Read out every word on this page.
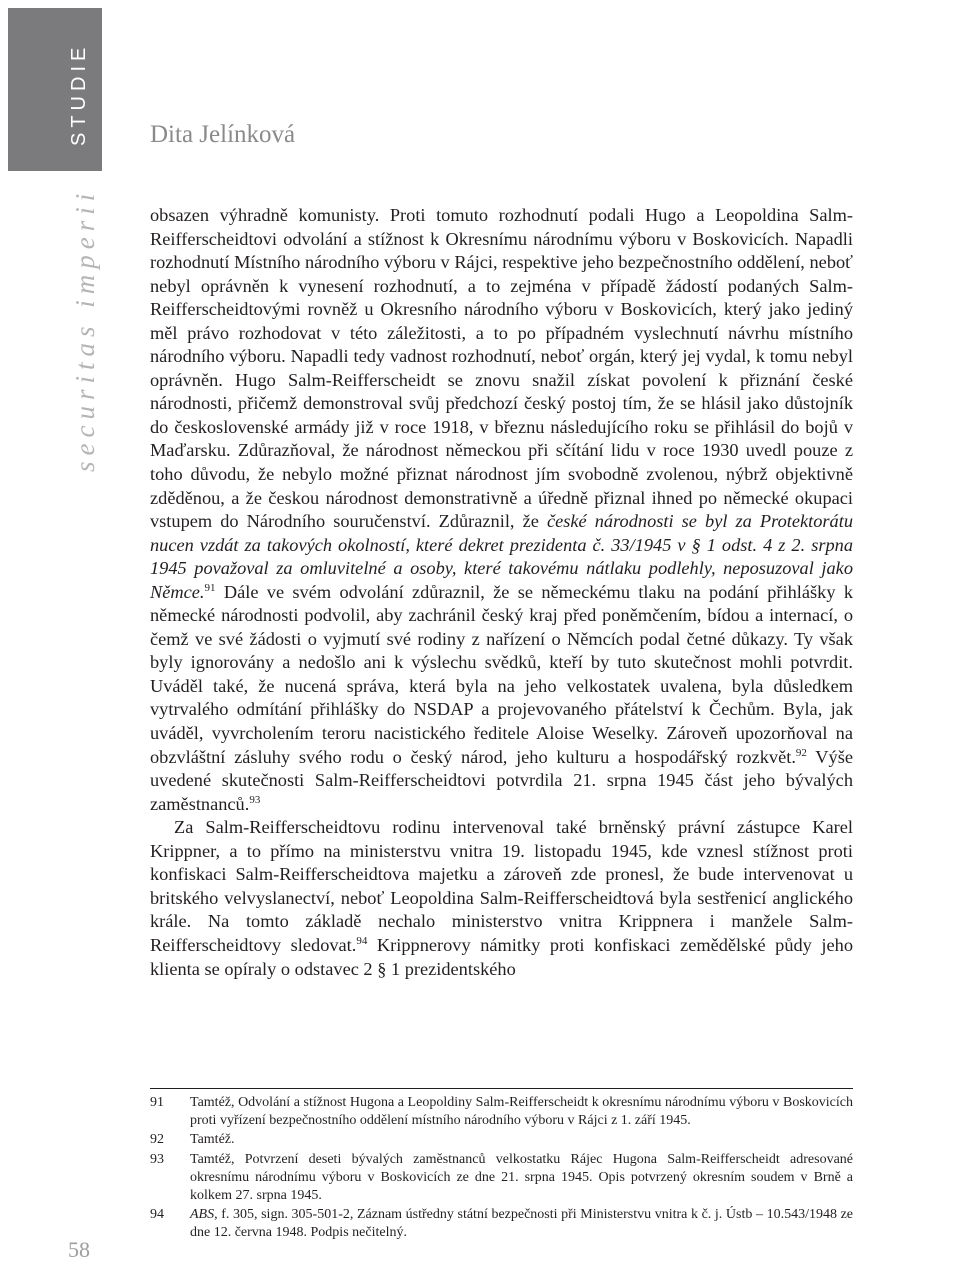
STUDIE
securitas imperii
Dita Jelínková

obsazen výhradně komunisty. Proti tomuto rozhodnutí podali Hugo a Leopoldina Salm-Reifferscheidtovi odvolání a stížnost k Okresnímu národnímu výboru v Boskovicích. Napadli rozhodnutí Místního národního výboru v Rájci, respektive jeho bezpečnostního oddělení, neboť nebyl oprávněn k vynesení rozhodnutí, a to zejména v případě žádostí podaných Salm-Reifferscheidtovými rovněž u Okresního národního výboru v Boskovicích, který jako jediný měl právo rozhodovat v této záležitosti, a to po případném vyslechnutí návrhu místního národního výboru. Napadli tedy vadnost rozhodnutí, neboť orgán, který jej vydal, k tomu nebyl oprávněn. Hugo Salm-Reifferscheidt se znovu snažil získat povolení k přiznání české národnosti, přičemž demonstroval svůj předchozí český postoj tím, že se hlásil jako důstojník do československé armády již v roce 1918, v březnu následujícího roku se přihlásil do bojů v Maďarsku. Zdůrazňoval, že národnost německou při sčítání lidu v roce 1930 uvedl pouze z toho důvodu, že nebylo možné přiznat národnost jím svobodně zvolenou, nýbrž objektivně zděděnou, a že českou národnost demonstrativně a úředně přiznal ihned po německé okupaci vstupem do Národního souručenství. Zdůraznil, že české národnosti se byl za Protektorátu nucen vzdát za takových okolností, které dekret prezidenta č. 33/1945 v § 1 odst. 4 z 2. srpna 1945 považoval za omluvitelné a osoby, které takovému nátlaku podlehly, neposuzoval jako Němce.$^{91}$ Dále ve svém odvolání zdůraznil, že se německému tlaku na podání přihlášky k německé národnosti podvolil, aby zachránil český kraj před poněmčením, bídou a internací, o čemž ve své žádosti o vyjmutí své rodiny z nařízení o Němcích podal četné důkazy. Ty však byly ignorovány a nedošlo ani k výslechu svědků, kteří by tuto skutečnost mohli potvrdit. Uváděl také, že nucená správa, která byla na jeho velkostatek uvalena, byla důsledkem vytrvalého odmítání přihlášky do NSDAP a projevovaného přátelství k Čechům. Byla, jak uváděl, vyvrcholením teroru nacistického ředitele Aloise Weselky. Zároveň upozorňoval na obzvláštní zásluhy svého rodu o český národ, jeho kulturu a hospodářský rozkvět.$^{92}$ Výše uvedené skutečnosti Salm-Reifferscheidtovi potvrdila 21. srpna 1945 část jeho bývalých zaměstnanců.$^{93}$

Za Salm-Reifferscheidtovu rodinu intervenoval také brněnský právní zástupce Karel Krippner, a to přímo na ministerstvu vnitra 19. listopadu 1945, kde vznesl stížnost proti konfiskaci Salm-Reifferscheidtova majetku a zároveň zde pronesl, že bude intervenovat u britského velvyslanectví, neboť Leopoldina Salm-Reifferscheidtová byla sestřenicí anglického krále. Na tomto základě nechalo ministerstvo vnitra Krippnera i manžele Salm-Reifferscheidtovy sledovat.$^{94}$ Krippnerovy námitky proti konfiskaci zemědělské půdy jeho klienta se opíraly o odstavec 2 § 1 prezidentského

91	Tamtéž, Odvolání a stížnost Hugona a Leopoldiny Salm-Reifferscheidt k okresnímu národnímu výboru v Boskovicích proti vyřízení bezpečnostního oddělení místního národního výboru v Rájci z 1. září 1945.
92	Tamtéž.
93	Tamtéž, Potvrzení deseti bývalých zaměstnanců velkostatku Rájec Hugona Salm-Reifferscheidt adresované okresnímu národnímu výboru v Boskovicích ze dne 21. srpna 1945. Opis potvrzený okresním soudem v Brně a kolkem 27. srpna 1945.
94	ABS, f. 305, sign. 305-501-2, Záznam ústředny státní bezpečnosti při Ministerstvu vnitra k č. j. Ústb – 10.543/1948 ze dne 12. června 1948. Podpis nečitelný.
58
